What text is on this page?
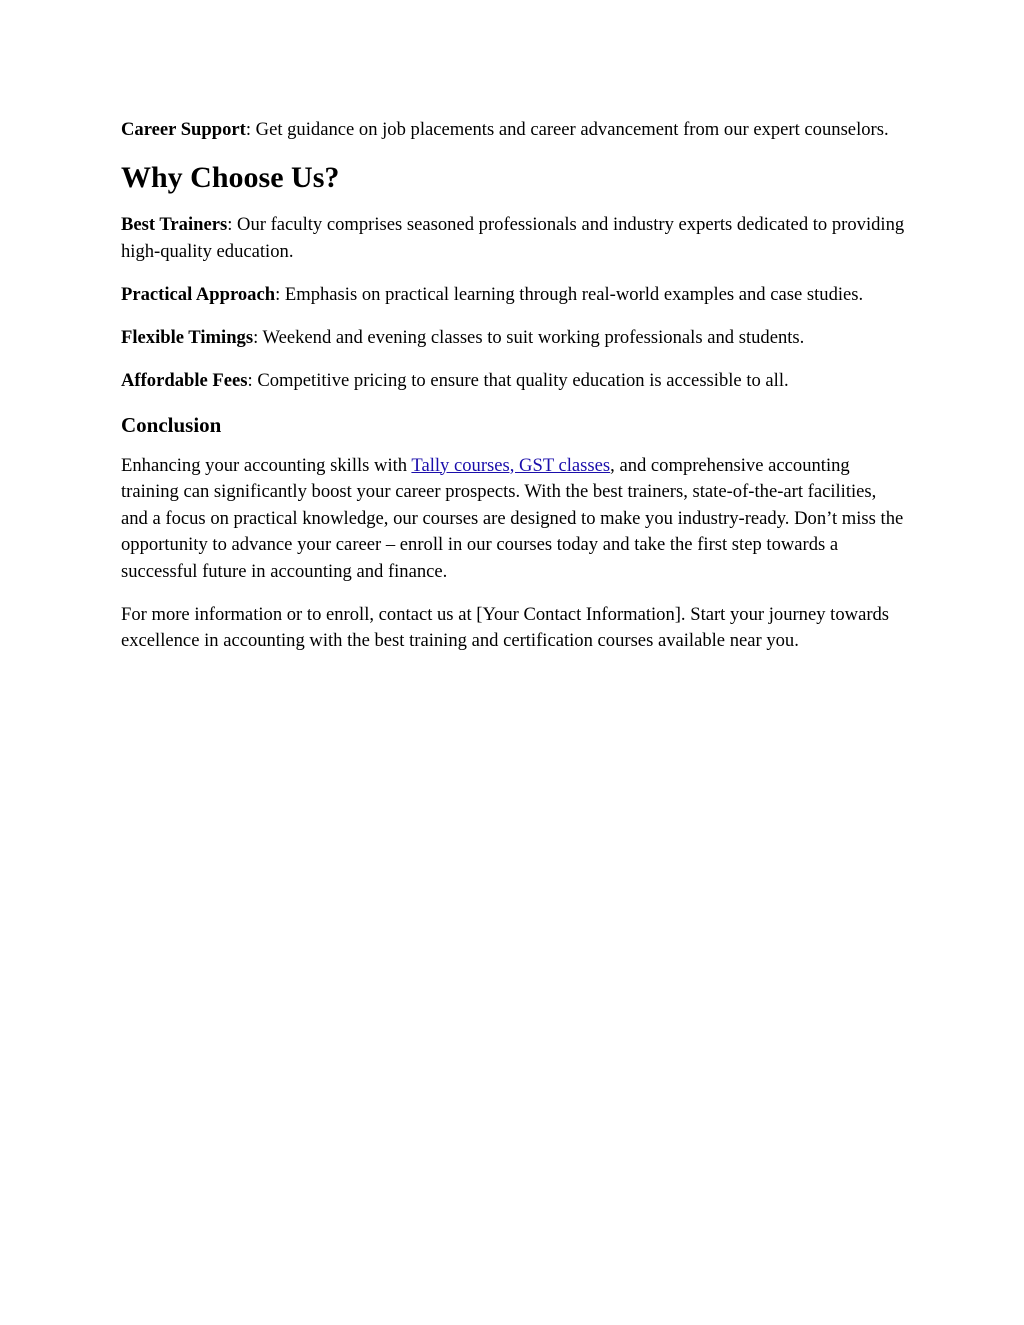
Career Support: Get guidance on job placements and career advancement from our expert counselors.

Why Choose Us?

Best Trainers: Our faculty comprises seasoned professionals and industry experts dedicated to providing high-quality education.

Practical Approach: Emphasis on practical learning through real-world examples and case studies.

Flexible Timings: Weekend and evening classes to suit working professionals and students.

Affordable Fees: Competitive pricing to ensure that quality education is accessible to all.

Conclusion

Enhancing your accounting skills with Tally courses, GST classes, and comprehensive accounting training can significantly boost your career prospects. With the best trainers, state-of-the-art facilities, and a focus on practical knowledge, our courses are designed to make you industry-ready. Don’t miss the opportunity to advance your career – enroll in our courses today and take the first step towards a successful future in accounting and finance.

For more information or to enroll, contact us at [Your Contact Information]. Start your journey towards excellence in accounting with the best training and certification courses available near you.
